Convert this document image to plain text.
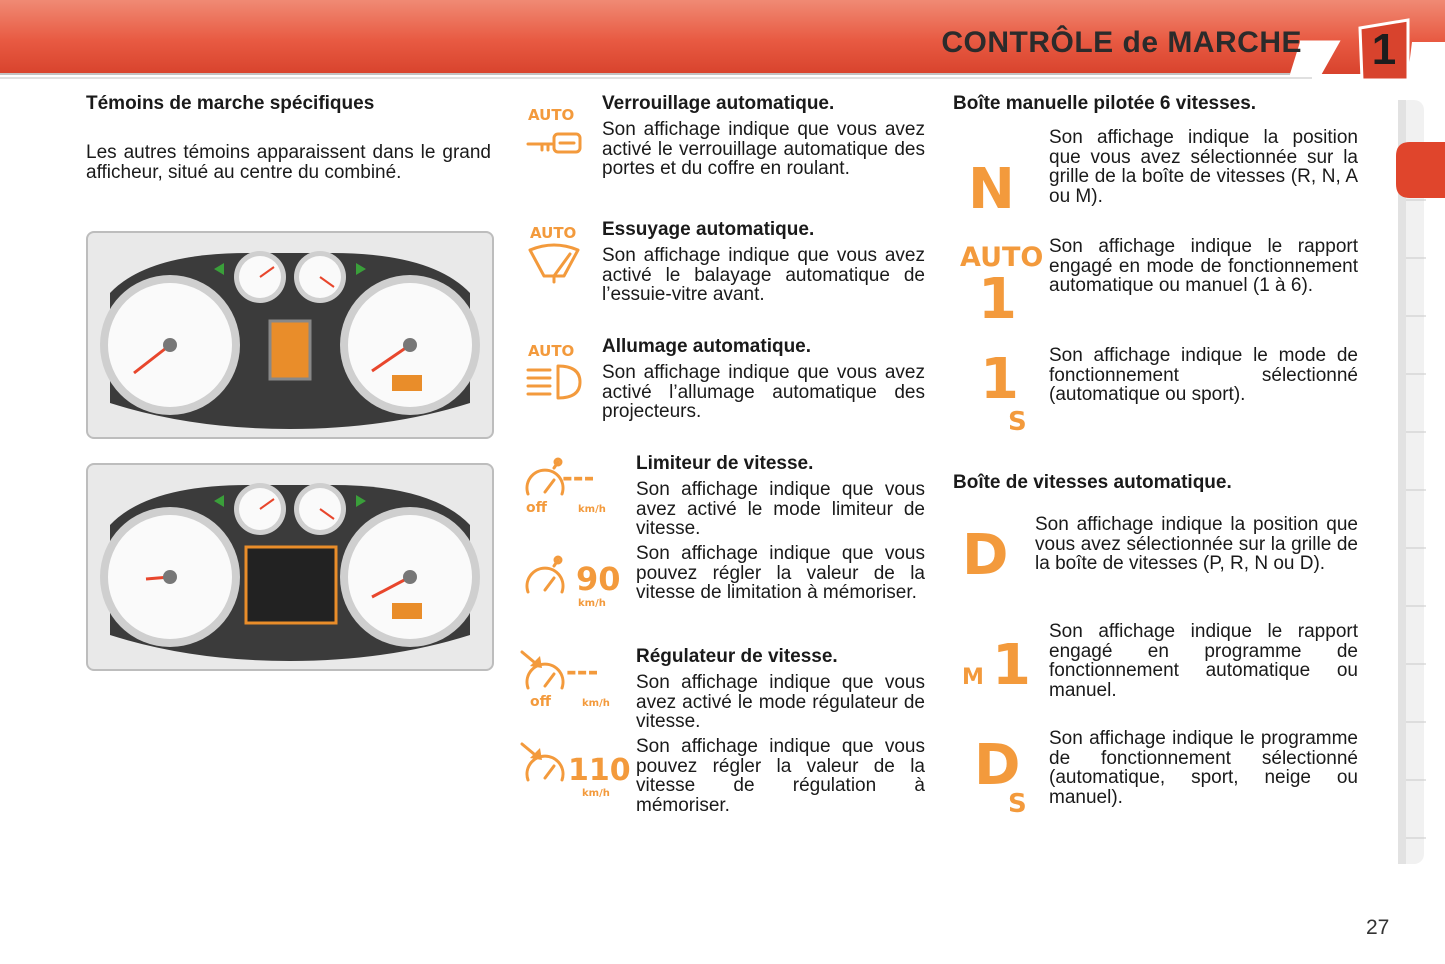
CONTRÔLE de MARCHE 1
Témoins de marche spécifiques
Les autres témoins apparaissent dans le grand afficheur, situé au centre du combiné.
AUTO
Verrouillage automatique.
Son affichage indique que vous avez activé le verrouillage automatique des portes et du coffre en roulant.
AUTO Essuyage automatique.
Son affichage indique que vous avez activé le balayage automatique de l’essuie-vitre avant.
AUTO Allumage automatique.
Son affichage indique que vous avez activé l’allumage automatique des projecteurs.
---
off	km/h
90
km/h
Limiteur de vitesse.
Son affichage indique que vous avez activé le mode limiteur de vitesse.
Son affichage indique que vous pouvez régler la valeur de la vitesse de limitation à mémoriser.
---
off	km/h
110
km/h
Régulateur de vitesse.
Son affichage indique que vous avez activé le mode régulateur de vitesse.
Son affichage indique que vous pouvez régler la valeur de la vitesse de régulation à mémoriser.
Boîte manuelle pilotée 6 vitesses.
N
Son affichage indique la position que vous avez sélectionnée sur la grille de la boîte de vitesses (R, N, A ou M).
AUTO
1
Son affichage indique le rapport engagé en mode de fonctionnement automatique ou manuel (1 à 6).
1
S
Son affichage indique le mode de fonctionnement sélectionné (automatique ou sport).
Boîte de vitesses automatique.
D Son affichage indique la position que vous avez sélectionnée sur la grille de la boîte de vitesses (P, R, N ou D).
M 1
Son affichage indique le rapport engagé en programme de fonctionnement automatique ou manuel.
D
S
Son affichage indique le programme de fonctionnement sélectionné (automatique, sport, neige ou manuel).
27
